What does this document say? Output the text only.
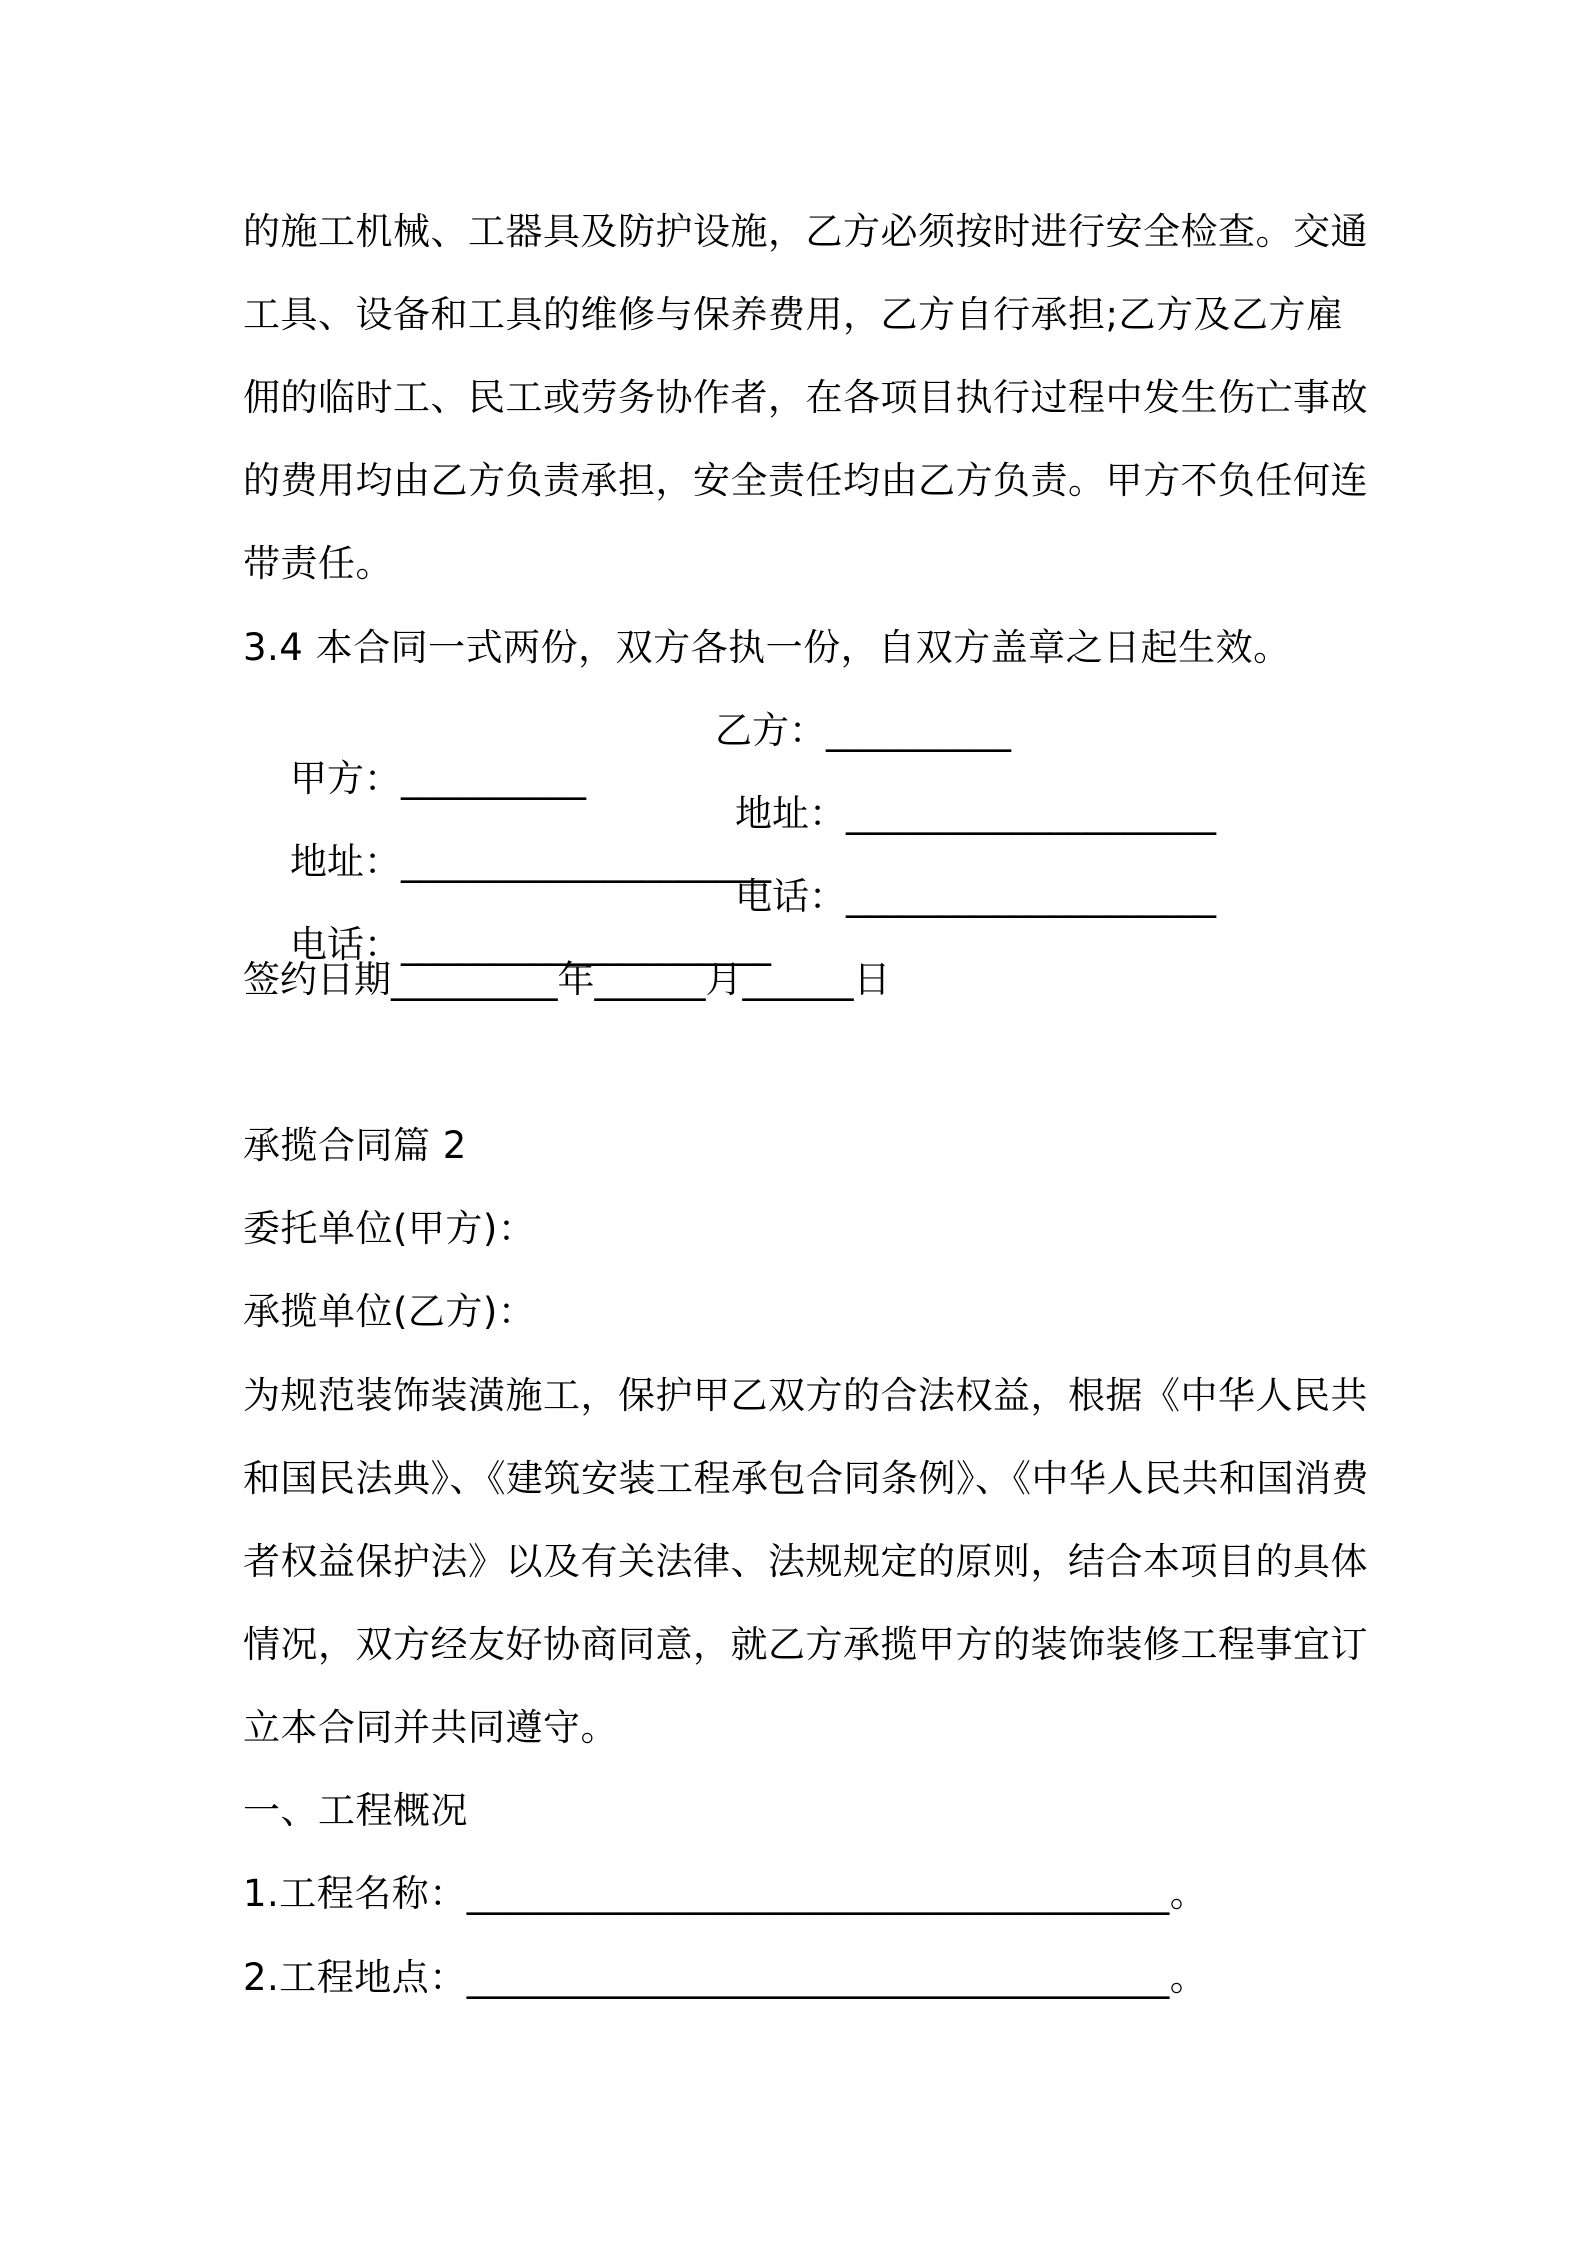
的施工机械、工器具及防护设施，乙方必须按时进行安全检查。交通
工具、设备和工具的维修与保养费用，乙方自行承担;乙方及乙方雇
佣的临时工、民工或劳务协作者，在各项目执行过程中发生伤亡事故
的费用均由乙方负责承担，安全责任均由乙方负责。甲方不负任何连
带责任。
3.4 本合同一式两份，双方各执一份，自双方盖章之日起生效。

甲方：__________

乙方：__________

地址：____________________

地址：____________________

电话：____________________

电话：____________________
签约日期_________年______月______日
承揽合同篇 2
委托单位(甲方)：
承揽单位(乙方)：
为规范装饰装潢施工，保护甲乙双方的合法权益，根据《中华人民共
和国民法典》、《建筑安装工程承包合同条例》、《中华人民共和国消费
者权益保护法》以及有关法律、法规规定的原则，结合本项目的具体
情况，双方经友好协商同意，就乙方承揽甲方的装饰装修工程事宜订
立本合同并共同遵守。
一、工程概况
1.工程名称：_____________________________________。
2.工程地点：_____________________________________。
